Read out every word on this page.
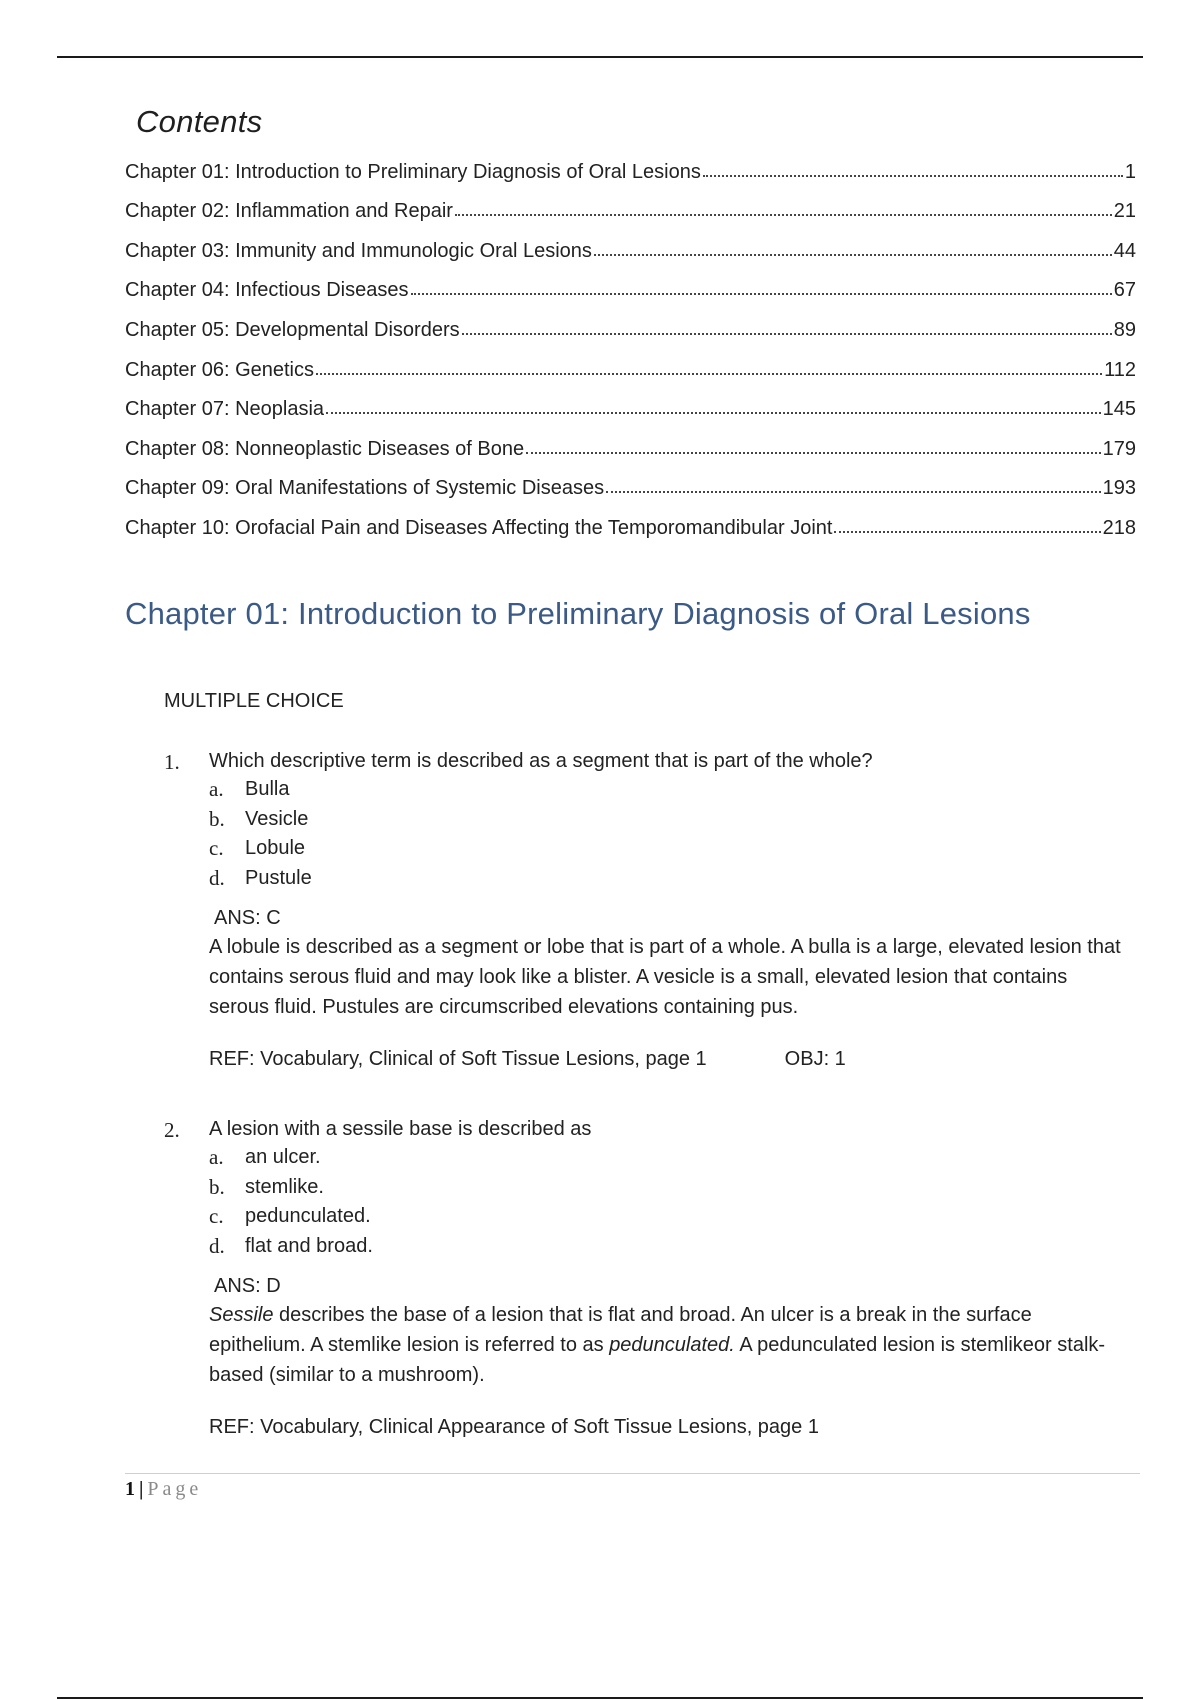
Contents
Chapter 01: Introduction to Preliminary Diagnosis of Oral Lesions	1
Chapter 02: Inflammation and Repair	21
Chapter 03: Immunity and Immunologic Oral Lesions	44
Chapter 04: Infectious Diseases	67
Chapter 05: Developmental Disorders	89
Chapter 06: Genetics	112
Chapter 07: Neoplasia	145
Chapter 08: Nonneoplastic Diseases of Bone	179
Chapter 09: Oral Manifestations of Systemic Diseases	193
Chapter 10: Orofacial Pain and Diseases Affecting the Temporomandibular Joint	218
Chapter 01: Introduction to Preliminary Diagnosis of Oral Lesions
MULTIPLE CHOICE
1.	Which descriptive term is described as a segment that is part of the whole?
a.	Bulla
b.	Vesicle
c.	Lobule
d.	Pustule
ANS: C
A lobule is described as a segment or lobe that is part of a whole. A bulla is a large, elevated lesion that contains serous fluid and may look like a blister. A vesicle is a small, elevated lesion that contains serous fluid. Pustules are circumscribed elevations containing pus.
REF: Vocabulary, Clinical of Soft Tissue Lesions, page 1	OBJ: 1
2.	A lesion with a sessile base is described as
a.	an ulcer.
b.	stemlike.
c.	pedunculated.
d.	flat and broad.
ANS: D
Sessile describes the base of a lesion that is flat and broad. An ulcer is a break in the surface epithelium. A stemlike lesion is referred to as pedunculated. A pedunculated lesion is stemlikeor stalk-based (similar to a mushroom).
REF: Vocabulary, Clinical Appearance of Soft Tissue Lesions, page 1
1 | Page
